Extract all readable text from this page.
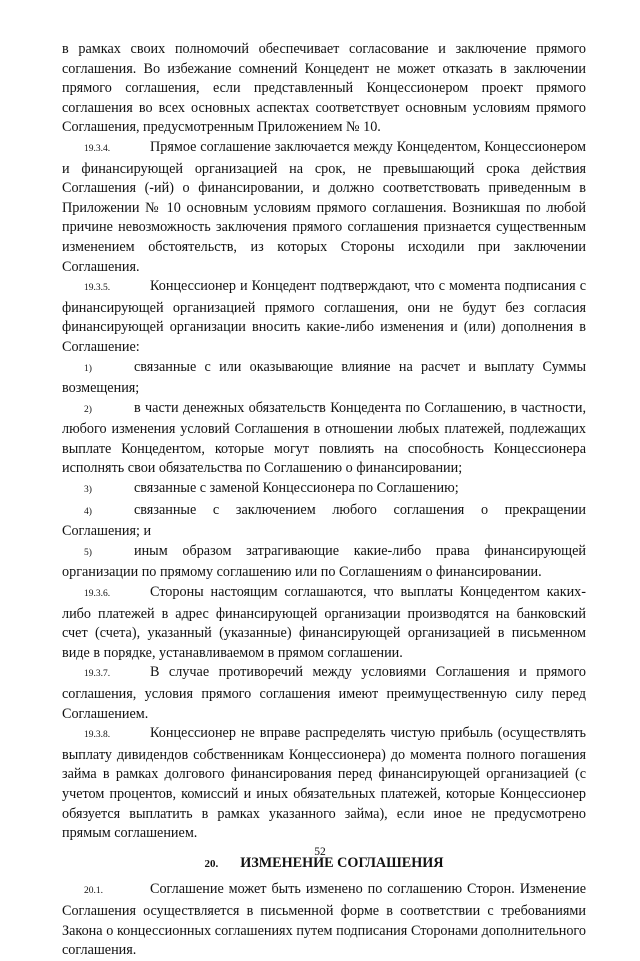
в рамках своих полномочий обеспечивает согласование и заключение прямого соглашения. Во избежание сомнений Концедент не может отказать в заключении прямого соглашения, если представленный Концессионером проект прямого соглашения во всех основных аспектах соответствует основным условиям прямого Соглашения, предусмотренным Приложением № 10.

19.3.4.	Прямое соглашение заключается между Концедентом, Концессионером и финансирующей организацией на срок, не превышающий срока действия Соглашения (-ий) о финансировании, и должно соответствовать приведенным в Приложении № 10 основным условиям прямого соглашения. Возникшая по любой причине невозможность заключения прямого соглашения признается существенным изменением обстоятельств, из которых Стороны исходили при заключении Соглашения.

19.3.5.	Концессионер и Концедент подтверждают, что с момента подписания с финансирующей организацией прямого соглашения, они не будут без согласия финансирующей организации вносить какие-либо изменения и (или) дополнения в Соглашение:

1)	связанные с или оказывающие влияние на расчет и выплату Суммы возмещения;

2)	в части денежных обязательств Концедента по Соглашению, в частности, любого изменения условий Соглашения в отношении любых платежей, подлежащих выплате Концедентом, которые могут повлиять на способность Концессионера исполнять свои обязательства по Соглашению о финансировании;

3)	связанные с заменой Концессионера по Соглашению;

4)	связанные с заключением любого соглашения о прекращении Соглашения; и

5)	иным образом затрагивающие какие-либо права финансирующей организации по прямому соглашению или по Соглашениям о финансировании.

19.3.6.	Стороны настоящим соглашаются, что выплаты Концедентом каких-либо платежей в адрес финансирующей организации производятся на банковский счет (счета), указанный (указанные) финансирующей организацией в письменном виде в порядке, устанавливаемом в прямом соглашении.

19.3.7.	В случае противоречий между условиями Соглашения и прямого соглашения, условия прямого соглашения имеют преимущественную силу перед Соглашением.

19.3.8.	Концессионер не вправе распределять чистую прибыль (осуществлять выплату дивидендов собственникам Концессионера) до момента полного погашения займа в рамках долгового финансирования перед финансирующей организацией (с учетом процентов, комиссий и иных обязательных платежей, которые Концессионер обязуется выплатить в рамках указанного займа), если иное не предусмотрено прямым соглашением.

20. ИЗМЕНЕНИЕ СОГЛАШЕНИЯ

20.1.	Соглашение может быть изменено по соглашению Сторон. Изменение Соглашения осуществляется в письменной форме в соответствии с требованиями Закона о концессионных соглашениях путем подписания Сторонами дополнительного соглашения.

52
